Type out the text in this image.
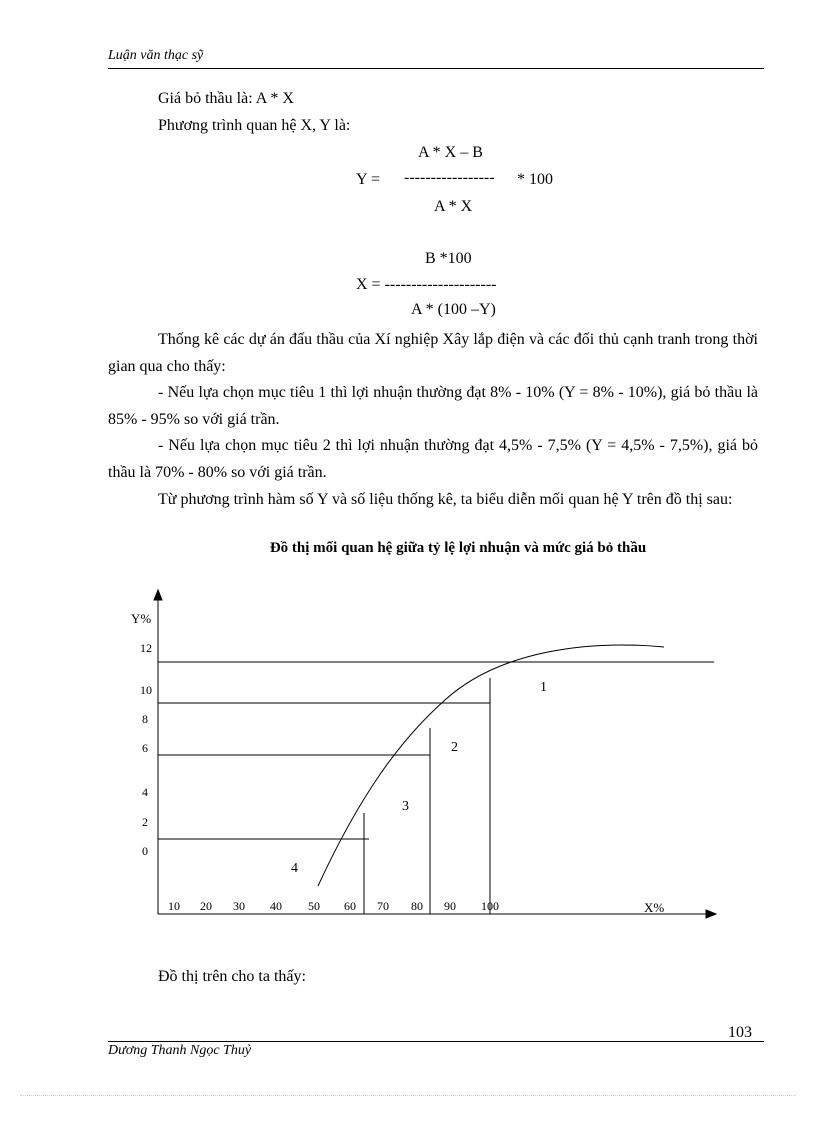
Luận văn thạc sỹ
Giá bỏ thầu là: A * X
Phương trình quan hệ X, Y là:
A * X – B
Y = ----------------- * 100
A * X
B *100
X = ---------------------
A * (100 –Y)
Thống kê các dự án đấu thầu của Xí nghiệp Xây lắp điện và các đối thủ cạnh tranh trong thời gian qua cho thấy:
- Nếu lựa chọn mục tiêu 1 thì lợi nhuận thường đạt 8% - 10% (Y = 8% - 10%), giá bỏ thầu là 85% - 95% so với giá trần.
- Nếu lựa chọn mục tiêu 2 thì lợi nhuận thường đạt 4,5% - 7,5% (Y = 4,5% - 7,5%), giá bỏ thầu là 70% - 80% so với giá trần.
Từ phương trình hàm số Y và số liệu thống kê, ta biểu diễn mối quan hệ Y trên đồ thị sau:
Đồ thị mối quan hệ giữa tỷ lệ lợi nhuận và mức giá bỏ thầu
Y%
X%
12
10
8
6
4
2
0
10 20 30 40 50 60 70 80 90 100
1
2
3
4
Đồ thị trên cho ta thấy:
103
Dương Thanh Ngọc Thuỷ
